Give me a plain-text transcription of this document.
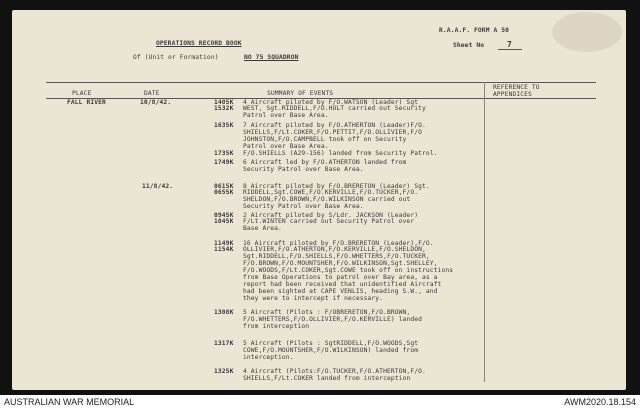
OPERATIONS RECORD BOOK
Of (Unit or Formation)	NO 75 SQUADRON
R.A.A.F. FORM A 50
Sheet No	7
PLACE	DATE	SUMMARY OF EVENTS
REFERENCE TO
APPENDICES
FALL RIVER	10/8/42.	1405K 4 Aircraft piloted by F/O.WATSON (Leader) Sgt
1532K WEST, Sgt.RIDDELL,F/O.HOLT carried out Security
Patrol over Base Area.
1635K 7 Aircraft piloted by F/O.ATHERTON (Leader)F/O.
SHIELLS,F/Lt.COKER,F/O.PETTIT,F/O.OLLIVIER,F/O
JOHNSTON,F/O.CAMPBELL took off on Security
Patrol over Base Area.
1735K F/O.SHIELLS (A29-156) landed from Security Patrol.
1749K 6 Aircraft led by F/O.ATHERTON landed from
Security Patrol over Base Area.
11/8/42.	0615K 8 Aircraft piloted by F/O.BRERETON (Leader) Sgt.
0655K RIDDELL,Sgt.COWE,F/O.KERVILLE,F/O.TUCKER,F/O.
SHELDON,F/O.BROWN,F/O.WILKINSON carried out
Security Patrol over Base Area.
0945K 2 Aircraft piloted by S/Ldr. JACKSON (Leader)
1045K F/Lt.WINTEN carried out Security Patrol over
Base Area.
1149K 16 Aircraft piloted by F/O.BRERETON (Leader),F/O.
1154K OLLIVIER,F/O.ATHERTON,F/O.KERVILLE,F/O.SHELDON,
Sgt.RIDDELL,F/O.SHIELLS,F/O.WHETTERS,F/O.TUCKER,
F/O.BROWN,F/O.MOUNTSHER,F/O.WILKINSON,Sgt.SHELLEY,
F/O.WOODS,F/Lt.COKER,Sgt.COWE took off on instructions
from Base Operations to patrol over Bay area, as a
report had been received that unidentified Aircraft
had been sighted at CAPE VENLIS, heading S.W., and
they were to intercept if necessary.
1308K 5 Aircraft (Pilots : F/OBRERETON,F/O.BROWN,
F/O.WHETTERS,F/O.OLLIVIER,F/O.KERVILLE) landed
from interception
1317K 5 Aircraft (Pilots : SgtRIDDELL,F/O.WOODS,Sgt
COWE,F/O.MOUNTSHER,F/O.WILKINSON) landed from
interception.
1325K 4 Aircraft (Pilots:F/O.TUCKER,F/O.ATHERTON,F/O.
SHIELLS,F/Lt.COKER landed from interception
AUSTRALIAN WAR MEMORIAL	AWM2020.18.154
